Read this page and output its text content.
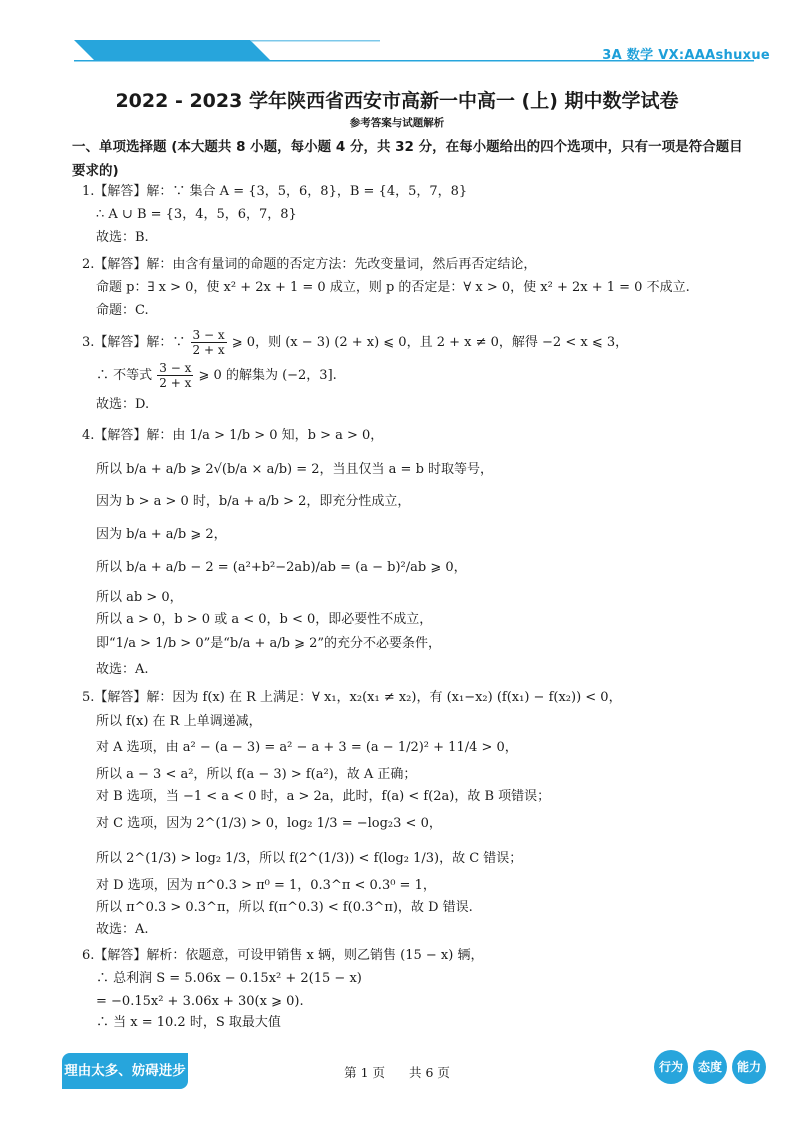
3A 数学 VX:AAAshuxue
2022 - 2023 学年陕西省西安市高新一中高一 (上) 期中数学试卷
参考答案与试题解析
一、单项选择题 (本大题共 8 小题，每小题 4 分，共 32 分，在每小题给出的四个选项中，只有一项是符合题目要求的)
1.【解答】解：∵ 集合 A = {3，5，6，8}，B = {4，5，7，8}
∴ A ∪ B = {3，4，5，6，7，8}
故选：B.
2.【解答】解：由含有量词的命题的否定方法：先改变量词，然后再否定结论，
命题 p：∃ x > 0，使 x² + 2x + 1 = 0 成立，则 p 的否定是：∀ x > 0，使 x² + 2x + 1 = 0 不成立.
命题：C.
3.【解答】解：∵ $\frac{3 - x}{2 + x}$ ⩾ 0，则 (x − 3) (2 + x) ⩽ 0，且 2 + x ≠ 0，解得 −2 < x ⩽ 3，
∴ 不等式 $\frac{3 - x}{2 + x}$ ⩾ 0 的解集为 (−2，3].
故选：D.
4.【解答】解：由 1/a > 1/b > 0 知，b > a > 0，
所以 b/a + a/b ⩾ 2√(b/a × a/b) = 2，当且仅当 a = b 时取等号，
因为 b > a > 0 时，b/a + a/b > 2，即充分性成立，
因为 b/a + a/b ⩾ 2，
所以 b/a + a/b − 2 = (a²+b²−2ab)/ab = (a − b)²/ab ⩾ 0，
所以 ab > 0，
所以 a > 0，b > 0 或 a < 0，b < 0，即必要性不成立，
即“1/a > 1/b > 0”是“b/a + a/b ⩾ 2”的充分不必要条件，
故选：A.
5.【解答】解：因为 f(x) 在 R 上满足：∀ x₁，x₂(x₁ ≠ x₂)，有 (x₁−x₂) (f(x₁) − f(x₂)) < 0，
所以 f(x) 在 R 上单调递减，
对 A 选项，由 a² − (a − 3) = a² − a + 3 = (a − 1/2)² + 11/4 > 0，
所以 a − 3 < a²，所以 f(a − 3) > f(a²)，故 A 正确；
对 B 选项，当 −1 < a < 0 时，a > 2a，此时，f(a) < f(2a)，故 B 项错误；
对 C 选项，因为 2^(1/3) > 0，log₂ 1/3 = −log₂3 < 0，
所以 2^(1/3) > log₂ 1/3，所以 f(2^(1/3)) < f(log₂ 1/3)，故 C 错误；
对 D 选项，因为 π^0.3 > π⁰ = 1，0.3^π < 0.3⁰ = 1，
所以 π^0.3 > 0.3^π，所以 f(π^0.3) < f(0.3^π)，故 D 错误.
故选：A.
6.【解答】解析：依题意，可设甲销售 x 辆，则乙销售 (15 − x) 辆，
∴ 总利润 S = 5.06x − 0.15x² + 2(15 − x)
= −0.15x² + 3.06x + 30(x ⩾ 0).
∴ 当 x = 10.2 时，S 取最大值
理由太多、妨碍进步	第 1 页 共 6 页	行为 态度 能力
